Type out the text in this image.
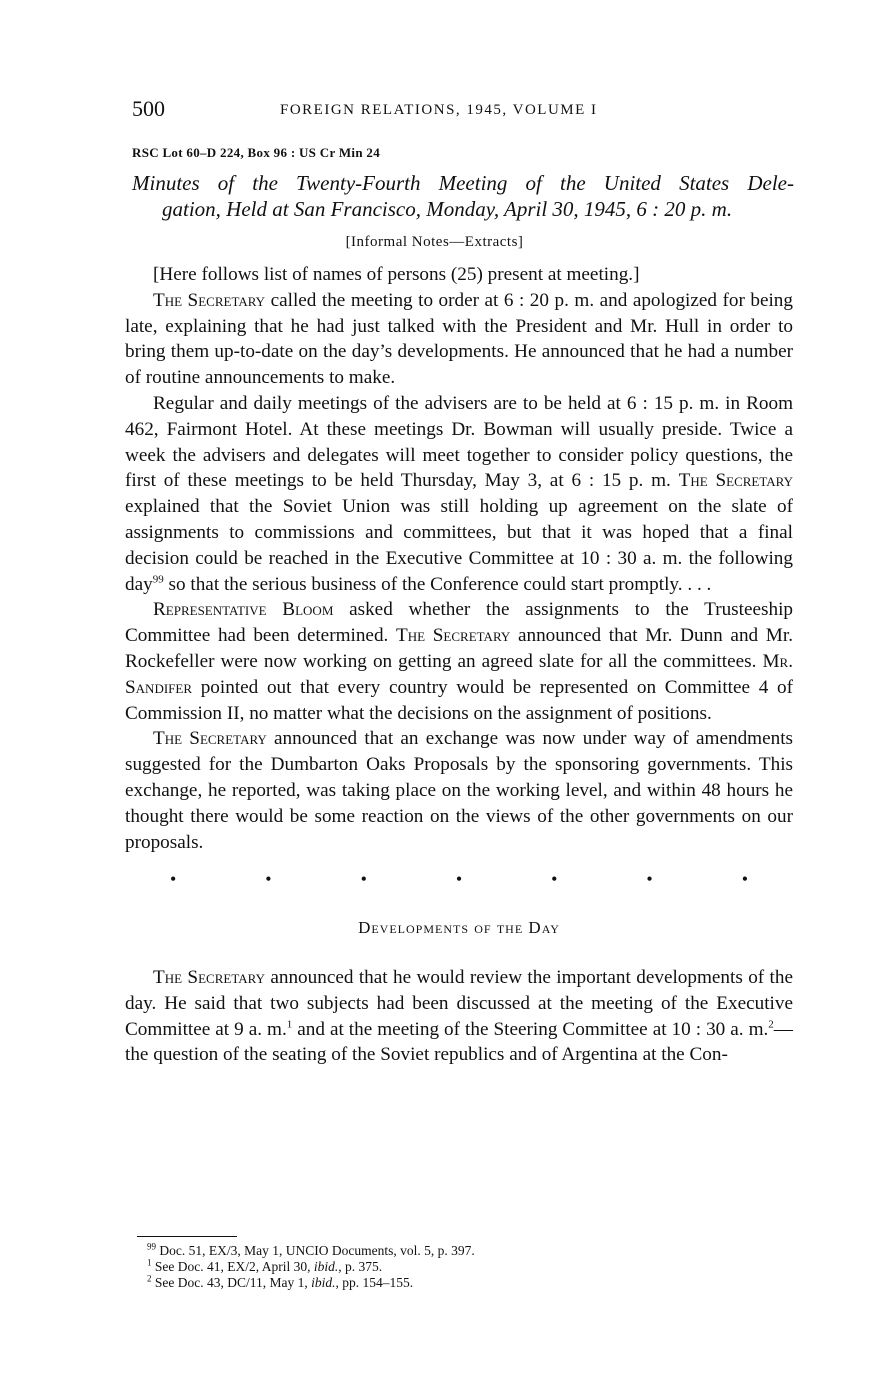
500	FOREIGN RELATIONS, 1945, VOLUME I
RSC Lot 60–D 224, Box 96 : US Cr Min 24
Minutes of the Twenty-Fourth Meeting of the United States Dele-
gation, Held at San Francisco, Monday, April 30, 1945, 6 : 20 p. m.
[Informal Notes—Extracts]

[Here follows list of names of persons (25) present at meeting.]

The Secretary called the meeting to order at 6 : 20 p. m. and apologized for being late, explaining that he had just talked with the President and Mr. Hull in order to bring them up-to-date on the day’s developments. He announced that he had a number of routine announcements to make.

Regular and daily meetings of the advisers are to be held at 6 : 15 p. m. in Room 462, Fairmont Hotel. At these meetings Dr. Bowman will usually preside. Twice a week the advisers and delegates will meet together to consider policy questions, the first of these meetings to be held Thursday, May 3, at 6 : 15 p. m. The Secretary explained that the Soviet Union was still holding up agreement on the slate of assignments to commissions and committees, but that it was hoped that a final decision could be reached in the Executive Committee at 10 : 30 a. m. the following day$^{99}$ so that the serious business of the Conference could start promptly. . . .

Representative Bloom asked whether the assignments to the Trusteeship Committee had been determined. The Secretary announced that Mr. Dunn and Mr. Rockefeller were now working on getting an agreed slate for all the committees. Mr. Sandifer pointed out that every country would be represented on Committee 4 of Commission II, no matter what the decisions on the assignment of positions.

The Secretary announced that an exchange was now under way of amendments suggested for the Dumbarton Oaks Proposals by the sponsoring governments. This exchange, he reported, was taking place on the working level, and within 48 hours he thought there would be some reaction on the views of the other governments on our proposals.

•	•	•	•	•	•	•
Developments of the Day

The Secretary announced that he would review the important developments of the day. He said that two subjects had been discussed at the meeting of the Executive Committee at 9 a. m.$^1$ and at the meeting of the Steering Committee at 10 : 30 a. m.$^2$—the question of the seating of the Soviet republics and of Argentina at the Con-

$^{99}$ Doc. 51, EX/3, May 1, UNCIO Documents, vol. 5, p. 397.

$^1$ See Doc. 41, EX/2, April 30, ibid., p. 375.

$^2$ See Doc. 43, DC/11, May 1, ibid., pp. 154–155.
